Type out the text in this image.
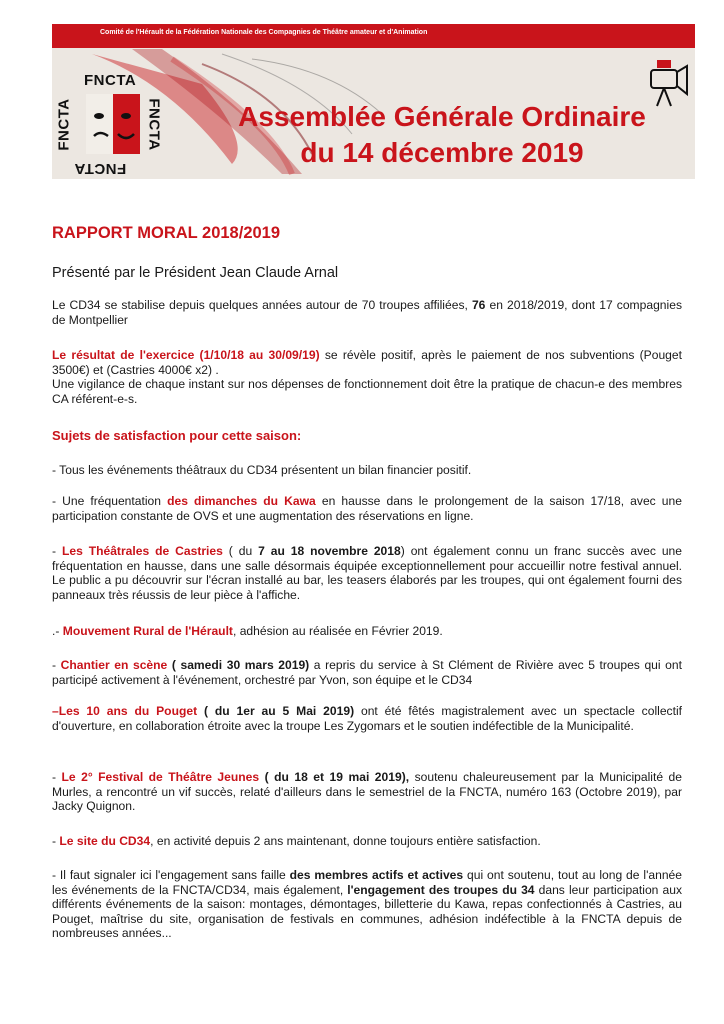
Comité de l'Hérault de la Fédération Nationale des Compagnies de Théâtre amateur et d'Animation
FNCTA
FNCTA
FNCTA	FNCTA	Assemblée Générale Ordinaire
du 14 décembre 2019
RAPPORT MORAL 2018/2019
Présenté par le Président Jean Claude Arnal
Le CD34 se stabilise depuis quelques années autour de 70 troupes affiliées, 76 en 2018/2019, dont 17 compagnies de Montpellier
Le résultat de l'exercice (1/10/18 au 30/09/19) se révèle positif, après le paiement de nos subventions (Pouget 3500€) et (Castries 4000€ x2) .
Une vigilance de chaque instant sur nos dépenses de fonctionnement doit être la pratique de chacun-e des membres CA référent-e-s.
Sujets de satisfaction pour cette saison:
- Tous les événements théâtraux du CD34 présentent un bilan financier positif.
- Une fréquentation des dimanches du Kawa en hausse dans le prolongement de la saison 17/18, avec une participation constante de OVS et une augmentation des réservations en ligne.
- Les Théâtrales de Castries ( du 7 au 18 novembre 2018) ont également connu un franc succès avec une fréquentation en hausse, dans une salle désormais équipée exceptionnellement pour accueillir notre festival annuel. Le public a pu découvrir sur l'écran installé au bar, les teasers élaborés par les troupes, qui ont également fourni des panneaux très réussis de leur pièce à l'affiche.
.- Mouvement Rural de l'Hérault, adhésion au réalisée en Février 2019.
- Chantier en scène ( samedi 30 mars 2019) a repris du service à St Clément de Rivière avec 5 troupes qui ont participé activement à l'événement, orchestré par Yvon, son équipe et le CD34
–Les 10 ans du Pouget ( du 1er au 5 Mai 2019) ont été fêtés magistralement avec un spectacle collectif d'ouverture, en collaboration étroite avec la troupe Les Zygomars et le soutien indéfectible de la Municipalité.
- Le 2° Festival de Théâtre Jeunes ( du 18 et 19 mai 2019), soutenu chaleureusement par la Municipalité de Murles, a rencontré un vif succès, relaté d'ailleurs dans le semestriel de la FNCTA, numéro 163 (Octobre 2019), par Jacky Quignon.
- Le site du CD34, en activité depuis 2 ans maintenant, donne toujours entière satisfaction.
- Il faut signaler ici l'engagement sans faille des membres actifs et actives qui ont soutenu, tout au long de l'année les événements de la FNCTA/CD34, mais également, l'engagement des troupes du 34 dans leur participation aux différents événements de la saison: montages, démontages, billetterie du Kawa, repas confectionnés à Castries, au Pouget, maîtrise du site, organisation de festivals en communes, adhésion indéfectible à la FNCTA depuis de nombreuses années...
